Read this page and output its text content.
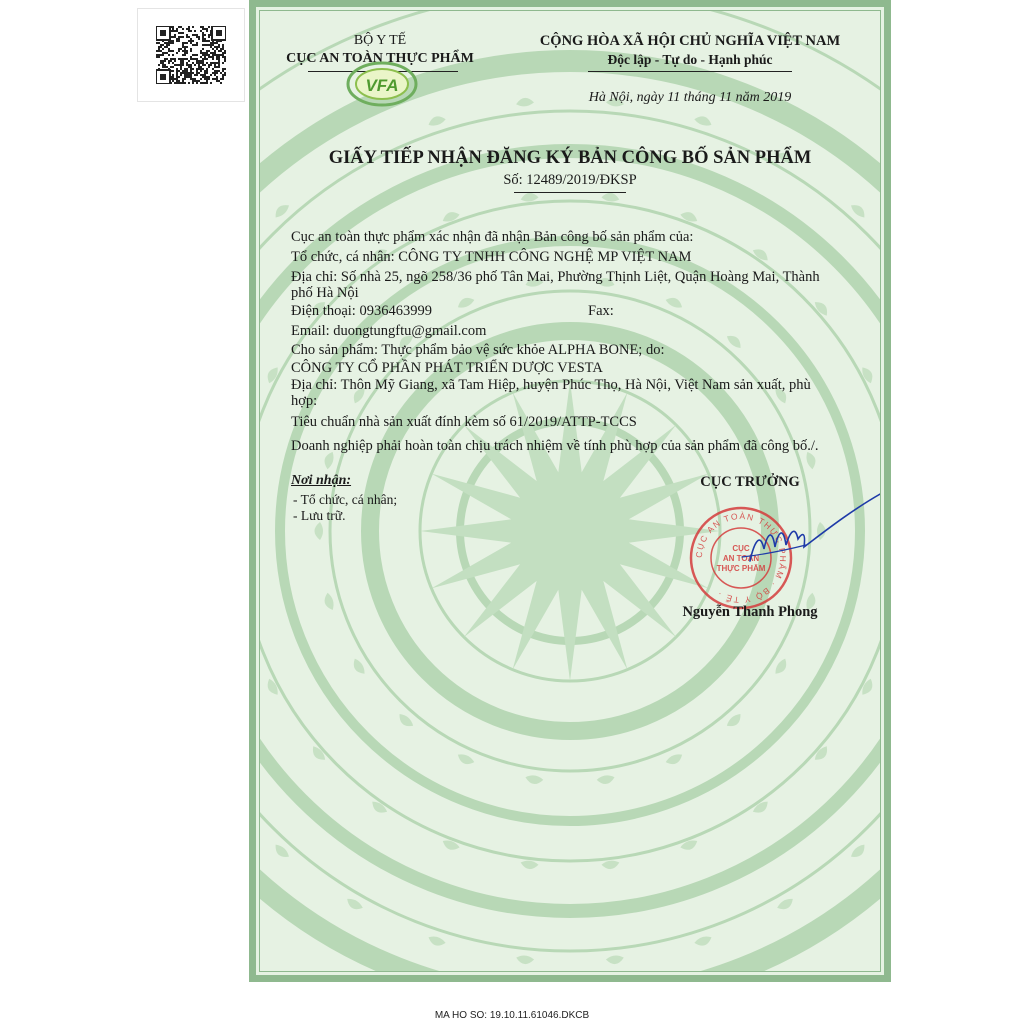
BỘ Y TẾ
CỤC AN TOÀN THỰC PHẨM
VFA
CỘNG HÒA XÃ HỘI CHỦ NGHĨA VIỆT NAM
Độc lập - Tự do - Hạnh phúc
Hà Nội, ngày 11 tháng 11 năm 2019
GIẤY TIẾP NHẬN ĐĂNG KÝ BẢN CÔNG BỐ SẢN PHẨM
Số: 12489/2019/ĐKSP
Cục an toàn thực phẩm xác nhận đã nhận Bản công bố sản phẩm của:
Tổ chức, cá nhân: CÔNG TY TNHH CÔNG NGHỆ MP VIỆT NAM
Địa chỉ: Số nhà 25, ngõ 258/36 phố Tân Mai, Phường Thịnh Liệt, Quận Hoàng Mai, Thành
phố Hà Nội
Điện thoại: 0936463999	Fax:
Email: duongtungftu@gmail.com
Cho sản phẩm: Thực phẩm bảo vệ sức khỏe ALPHA BONE; do:
CÔNG TY CỔ PHẦN PHÁT TRIỂN DƯỢC VESTA
Địa chỉ: Thôn Mỹ Giang, xã Tam Hiệp, huyện Phúc Thọ, Hà Nội, Việt Nam sản xuất, phù
hợp:
Tiêu chuẩn nhà sản xuất đính kèm số 61/2019/ATTP-TCCS
Doanh nghiệp phải hoàn toàn chịu trách nhiệm về tính phù hợp của sản phẩm đã công bố./.
Nơi nhận:
- Tổ chức, cá nhân;
- Lưu trữ.
CỤC TRƯỞNG
CỤC AN TOÀN THỰC PHẨM · BỘ Y TẾ ·
CỤC
AN TOÀN
THỰC PHẨM
Nguyễn Thanh Phong
MA HO SO: 19.10.11.61046.DKCB
